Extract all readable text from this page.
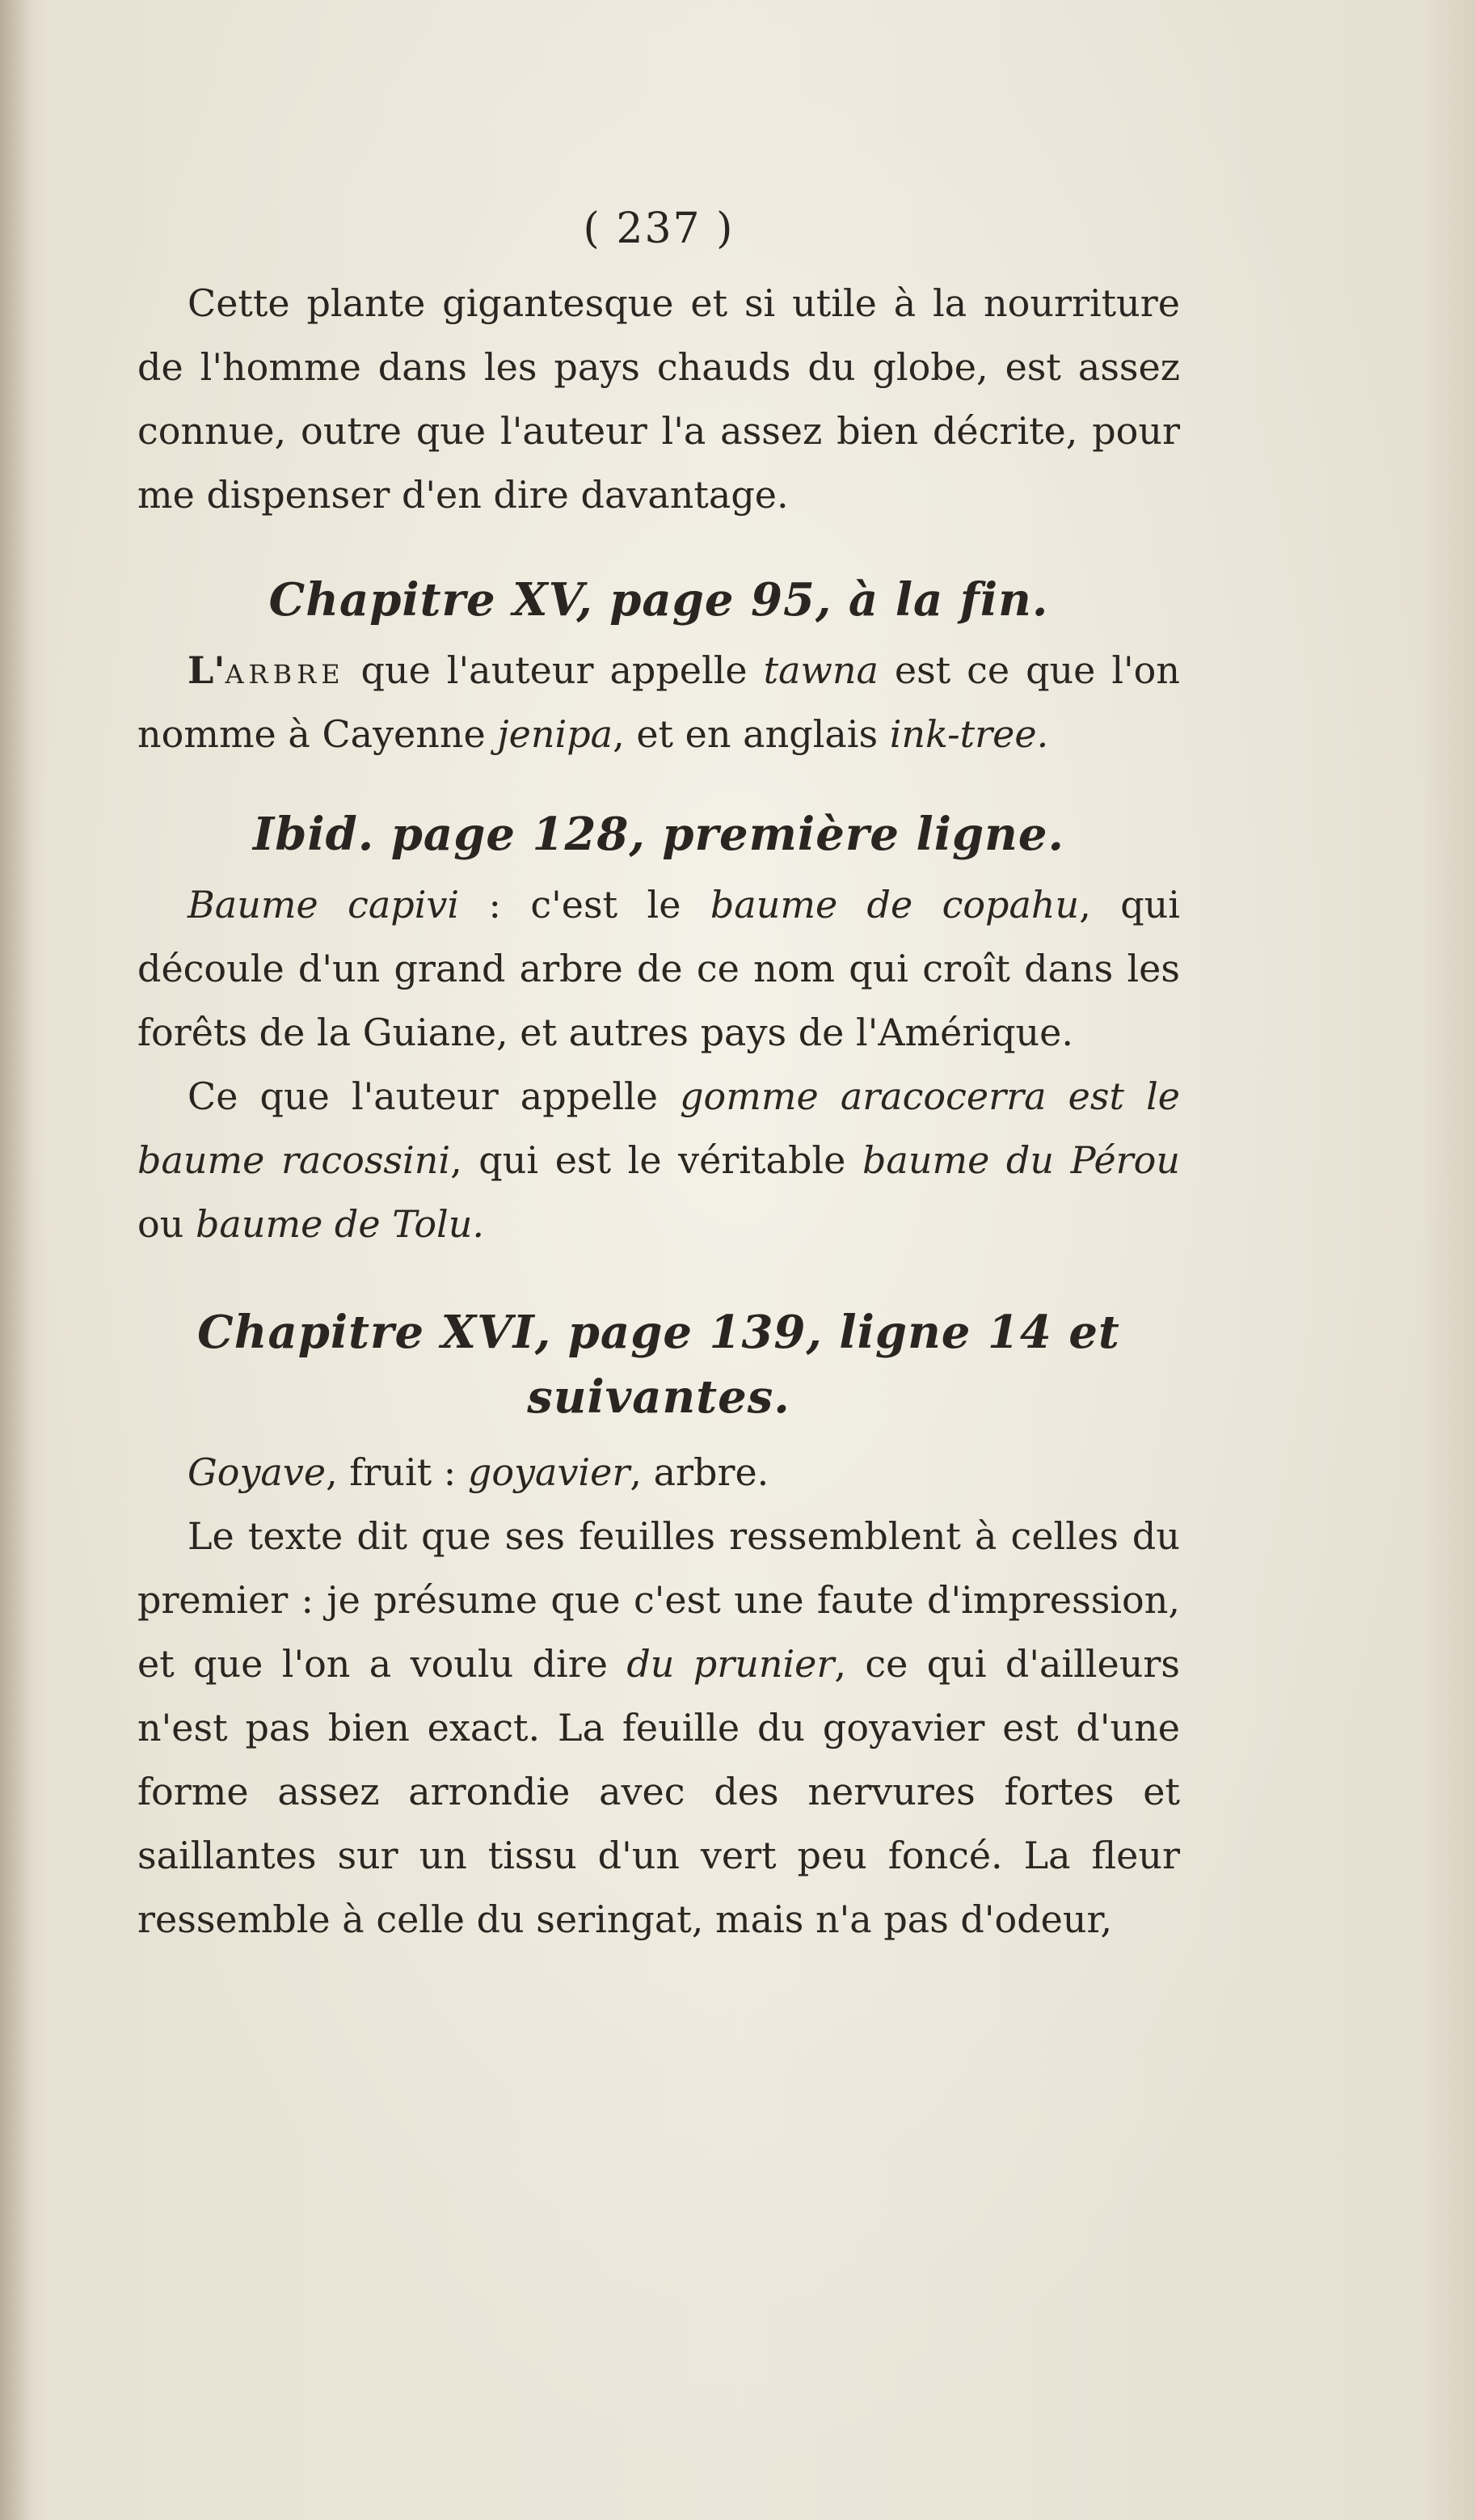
( 237 )

Cette plante gigantesque et si utile à la nourriture de l'homme dans les pays chauds du globe, est assez connue, outre que l'auteur l'a assez bien décrite, pour me dispenser d'en dire davantage.

Chapitre XV, page 95, à la fin.

L'arbre que l'auteur appelle tawna est ce que l'on nomme à Cayenne jenipa, et en anglais ink-tree.

Ibid. page 128, première ligne.

Baume capivi : c'est le baume de copahu, qui découle d'un grand arbre de ce nom qui croît dans les forêts de la Guiane, et autres pays de l'Amérique.

Ce que l'auteur appelle gomme aracocerra est le baume racossini, qui est le véritable baume du Pérou ou baume de Tolu.

Chapitre XVI, page 139, ligne 14 et
suivantes.

Goyave, fruit : goyavier, arbre.

Le texte dit que ses feuilles ressemblent à celles du premier : je présume que c'est une faute d'impression, et que l'on a voulu dire du prunier, ce qui d'ailleurs n'est pas bien exact. La feuille du goyavier est d'une forme assez arrondie avec des nervures fortes et saillantes sur un tissu d'un vert peu foncé. La fleur ressemble à celle du seringat, mais n'a pas d'odeur,
